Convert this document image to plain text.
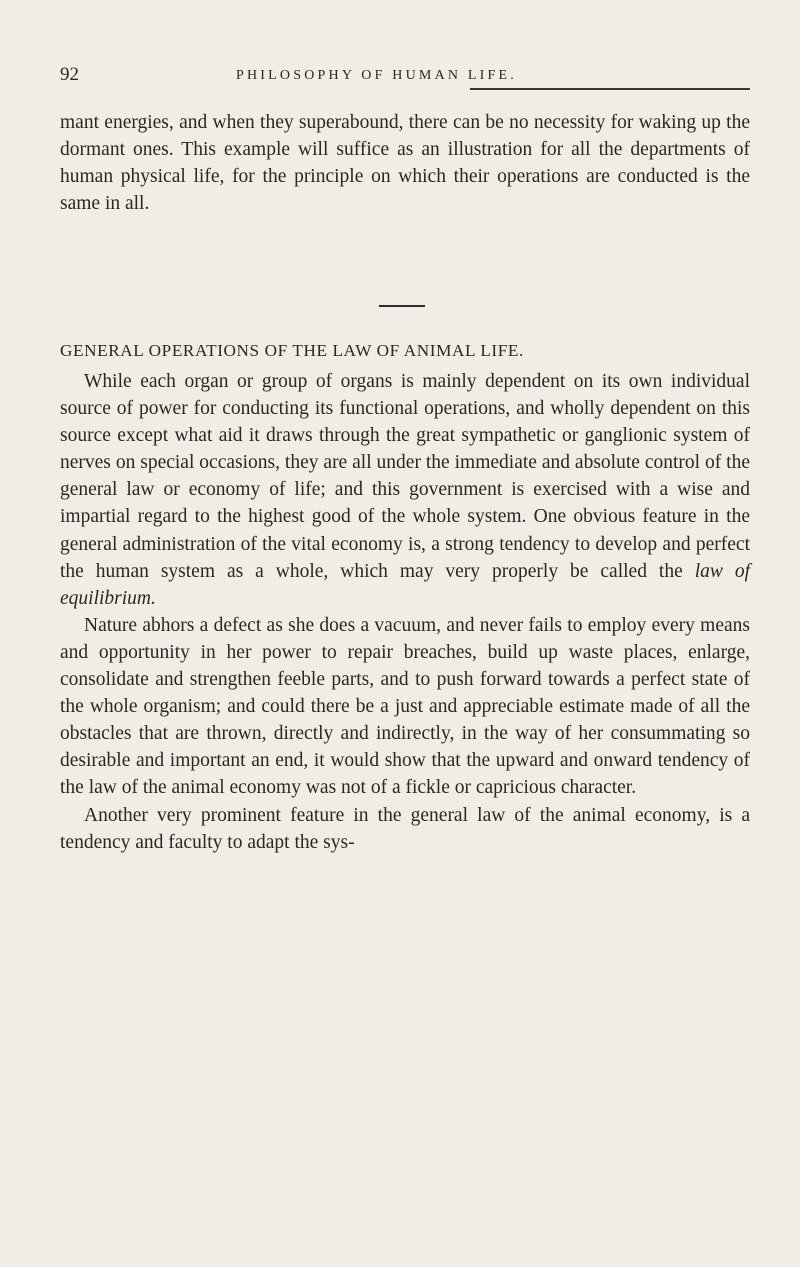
92	PHILOSOPHY OF HUMAN LIFE.

mant energies, and when they superabound, there can be no necessity for waking up the dormant ones. This example will suffice as an illustration for all the departments of human physical life, for the principle on which their operations are conducted is the same in all.

GENERAL OPERATIONS OF THE LAW OF ANIMAL LIFE.

While each organ or group of organs is mainly dependent on its own individual source of power for conducting its functional operations, and wholly dependent on this source except what aid it draws through the great sympathetic or ganglionic system of nerves on special occasions, they are all under the immediate and absolute control of the general law or economy of life; and this government is exercised with a wise and impartial regard to the highest good of the whole system. One obvious feature in the general administration of the vital economy is, a strong tendency to develop and perfect the human system as a whole, which may very properly be called the law of equilibrium.

Nature abhors a defect as she does a vacuum, and never fails to employ every means and opportunity in her power to repair breaches, build up waste places, enlarge, consolidate and strengthen feeble parts, and to push forward towards a perfect state of the whole organism; and could there be a just and appreciable estimate made of all the obstacles that are thrown, directly and indirectly, in the way of her consummating so desirable and important an end, it would show that the upward and onward tendency of the law of the animal economy was not of a fickle or capricious character.

Another very prominent feature in the general law of the animal economy, is a tendency and faculty to adapt the sys-
